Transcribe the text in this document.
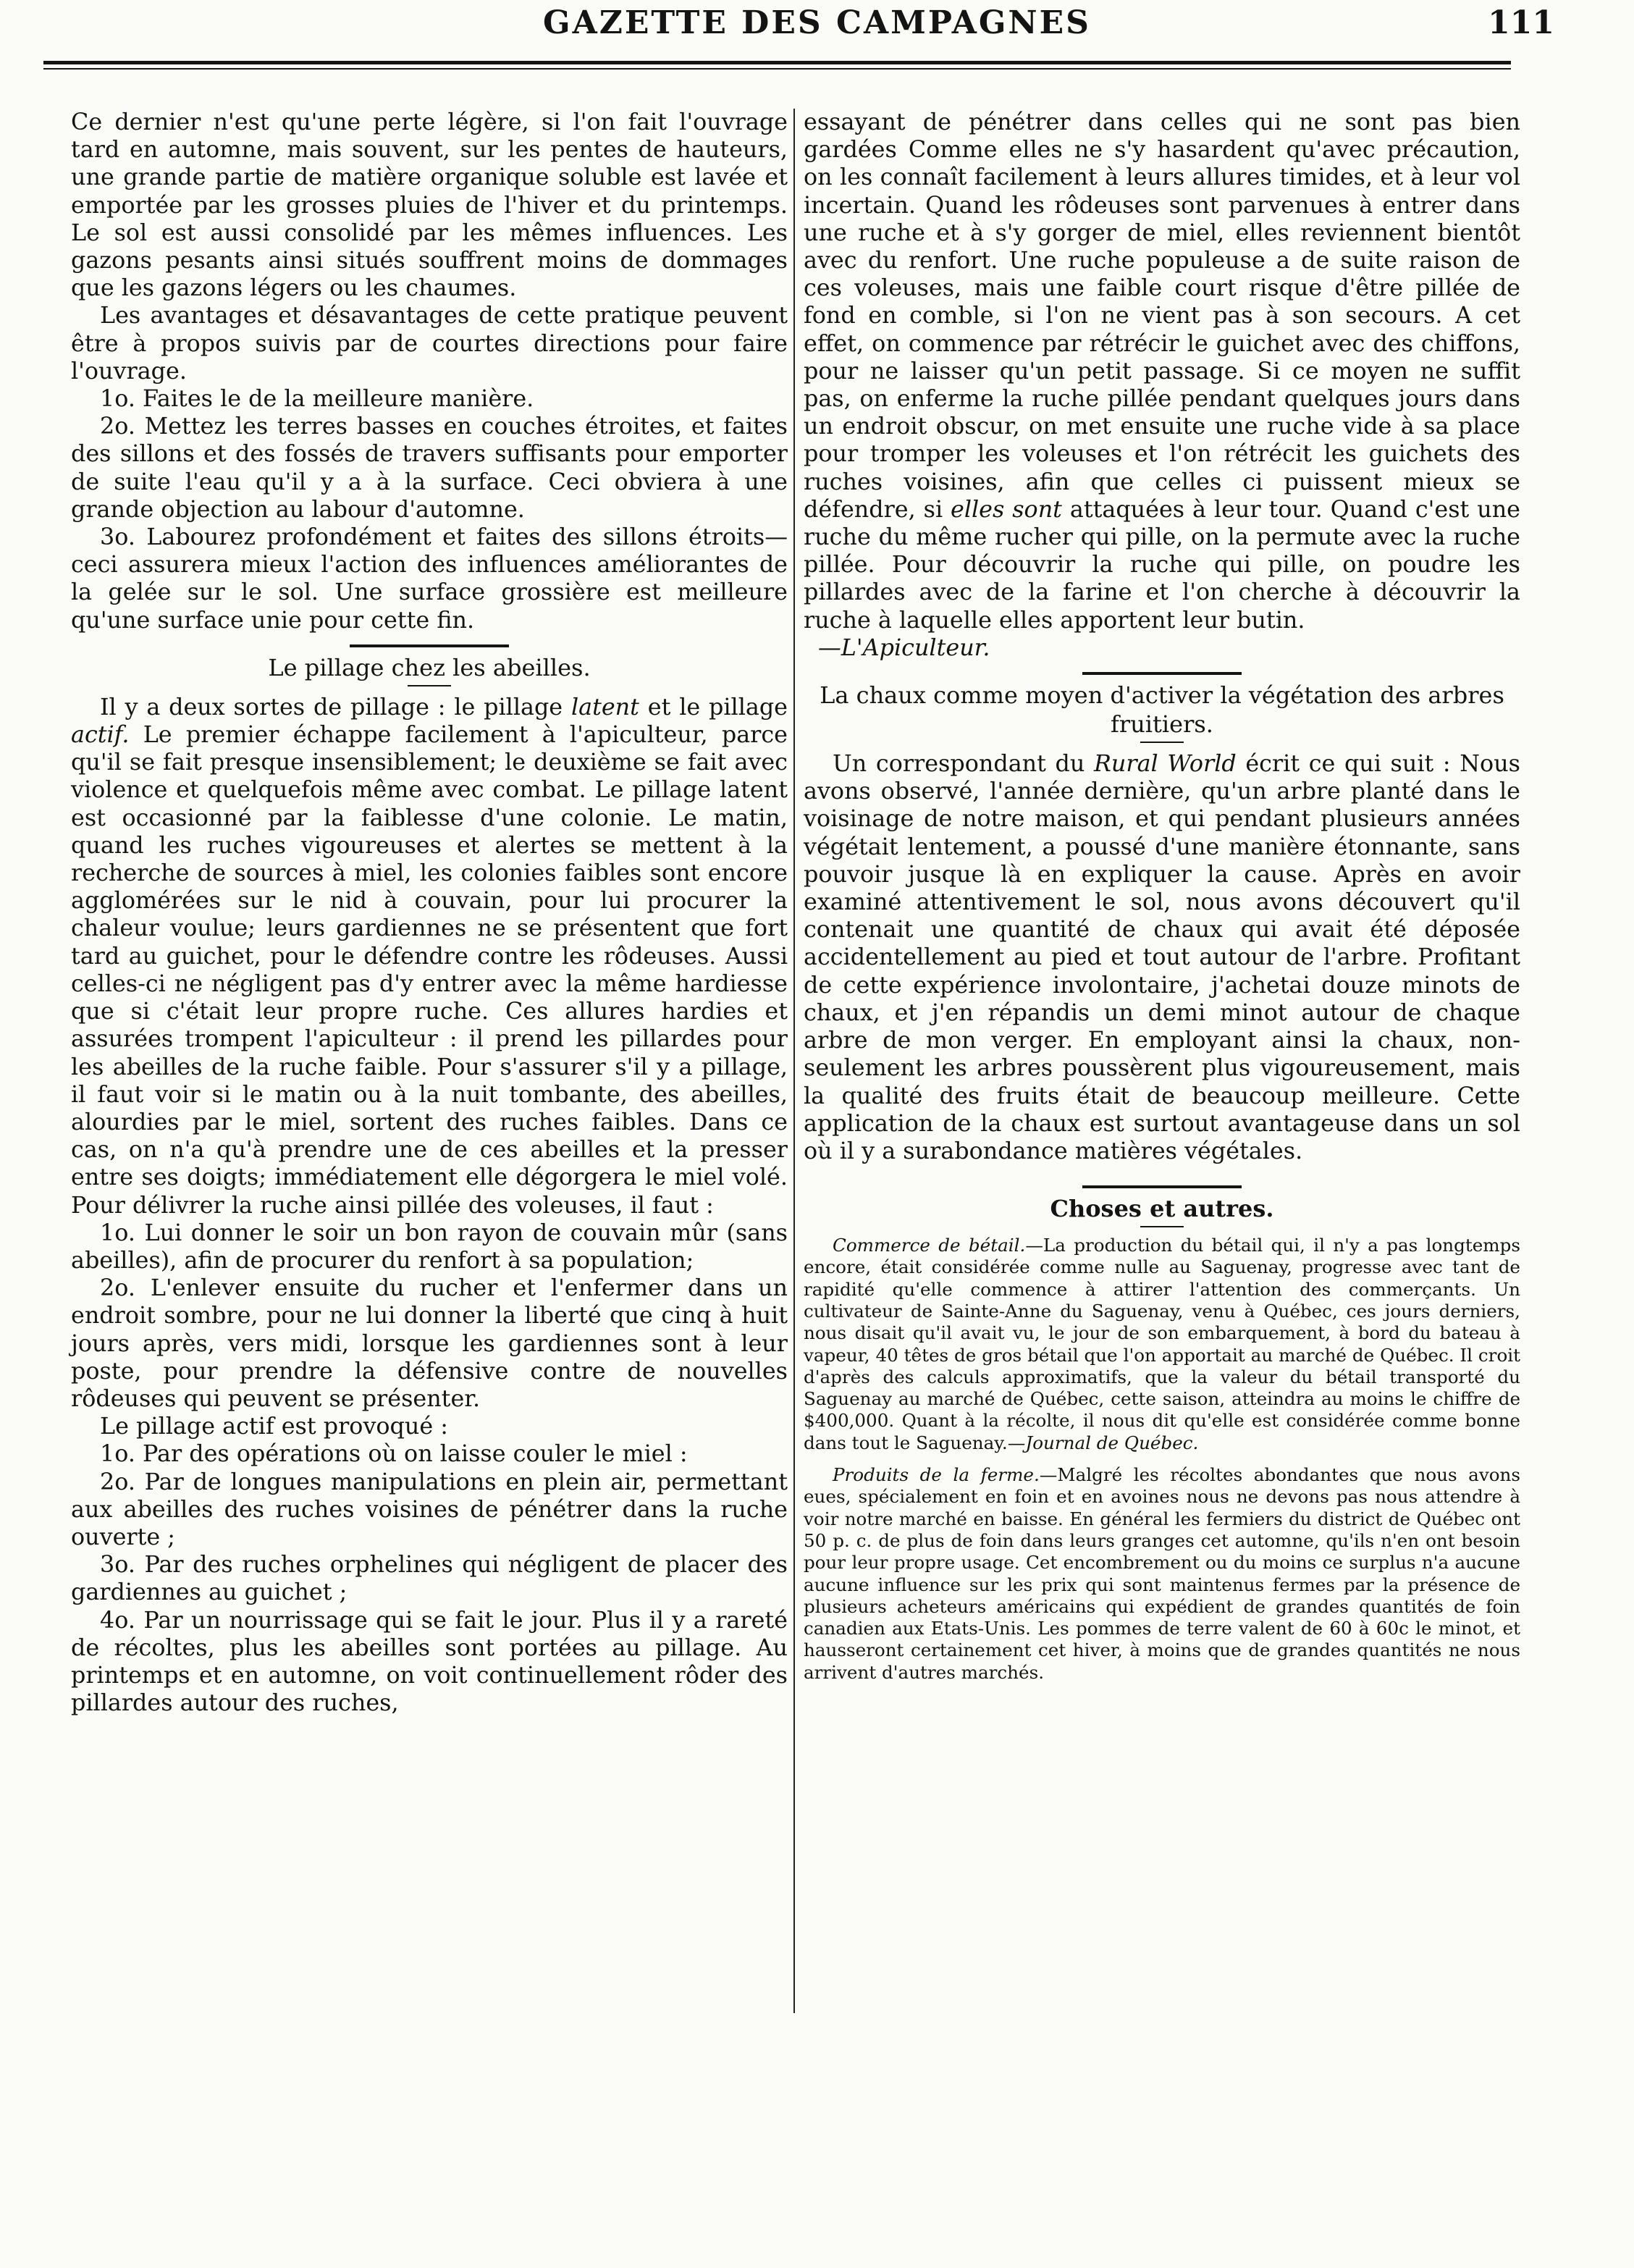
GAZETTE DES CAMPAGNES	111

Ce dernier n'est qu'une perte légère, si l'on fait l'ouvrage tard en automne, mais souvent, sur les pentes de hauteurs, une grande partie de matière organique soluble est lavée et emportée par les grosses pluies de l'hiver et du printemps. Le sol est aussi consolidé par les mêmes influences. Les gazons pesants ainsi situés souffrent moins de dommages que les gazons légers ou les chaumes.

Les avantages et désavantages de cette pratique peuvent être à propos suivis par de courtes directions pour faire l'ouvrage.

1o. Faites le de la meilleure manière.

2o. Mettez les terres basses en couches étroites, et faites des sillons et des fossés de travers suffisants pour emporter de suite l'eau qu'il y a à la surface. Ceci obviera à une grande objection au labour d'automne.

3o. Labourez profondément et faites des sillons étroits—ceci assurera mieux l'action des influences améliorantes de la gelée sur le sol. Une surface grossière est meilleure qu'une surface unie pour cette fin.

Le pillage chez les abeilles.

Il y a deux sortes de pillage : le pillage latent et le pillage actif. Le premier échappe facilement à l'apiculteur, parce qu'il se fait presque insensiblement; le deuxième se fait avec violence et quelquefois même avec combat. Le pillage latent est occasionné par la faiblesse d'une colonie. Le matin, quand les ruches vigoureuses et alertes se mettent à la recherche de sources à miel, les colonies faibles sont encore agglomérées sur le nid à couvain, pour lui procurer la chaleur voulue; leurs gardiennes ne se présentent que fort tard au guichet, pour le défendre contre les rôdeuses. Aussi celles-ci ne négligent pas d'y entrer avec la même hardiesse que si c'était leur propre ruche. Ces allures hardies et assurées trompent l'apiculteur : il prend les pillardes pour les abeilles de la ruche faible. Pour s'assurer s'il y a pillage, il faut voir si le matin ou à la nuit tombante, des abeilles, alourdies par le miel, sortent des ruches faibles. Dans ce cas, on n'a qu'à prendre une de ces abeilles et la presser entre ses doigts; immédiatement elle dégorgera le miel volé. Pour délivrer la ruche ainsi pillée des voleuses, il faut :

1o. Lui donner le soir un bon rayon de couvain mûr (sans abeilles), afin de procurer du renfort à sa population;

2o. L'enlever ensuite du rucher et l'enfermer dans un endroit sombre, pour ne lui donner la liberté que cinq à huit jours après, vers midi, lorsque les gardiennes sont à leur poste, pour prendre la défensive contre de nouvelles rôdeuses qui peuvent se présenter.

Le pillage actif est provoqué :

1o. Par des opérations où on laisse couler le miel :

2o. Par de longues manipulations en plein air, permettant aux abeilles des ruches voisines de pénétrer dans la ruche ouverte ;

3o. Par des ruches orphelines qui négligent de placer des gardiennes au guichet ;

4o. Par un nourrissage qui se fait le jour. Plus il y a rareté de récoltes, plus les abeilles sont portées au pillage. Au printemps et en automne, on voit continuellement rôder des pillardes autour des ruches,

essayant de pénétrer dans celles qui ne sont pas bien gardées Comme elles ne s'y hasardent qu'avec précaution, on les connaît facilement à leurs allures timides, et à leur vol incertain. Quand les rôdeuses sont parvenues à entrer dans une ruche et à s'y gorger de miel, elles reviennent bientôt avec du renfort. Une ruche populeuse a de suite raison de ces voleuses, mais une faible court risque d'être pillée de fond en comble, si l'on ne vient pas à son secours. A cet effet, on commence par rétrécir le guichet avec des chiffons, pour ne laisser qu'un petit passage. Si ce moyen ne suffit pas, on enferme la ruche pillée pendant quelques jours dans un endroit obscur, on met ensuite une ruche vide à sa place pour tromper les voleuses et l'on rétrécit les guichets des ruches voisines, afin que celles ci puissent mieux se défendre, si elles sont attaquées à leur tour. Quand c'est une ruche du même rucher qui pille, on la permute avec la ruche pillée. Pour découvrir la ruche qui pille, on poudre les pillardes avec de la farine et l'on cherche à découvrir la ruche à laquelle elles apportent leur butin.

—L'Apiculteur.

La chaux comme moyen d'activer la végétation des arbres fruitiers.

Un correspondant du Rural World écrit ce qui suit : Nous avons observé, l'année dernière, qu'un arbre planté dans le voisinage de notre maison, et qui pendant plusieurs années végétait lentement, a poussé d'une manière étonnante, sans pouvoir jusque là en expliquer la cause. Après en avoir examiné attentivement le sol, nous avons découvert qu'il contenait une quantité de chaux qui avait été déposée accidentellement au pied et tout autour de l'arbre. Profitant de cette expérience involontaire, j'achetai douze minots de chaux, et j'en répandis un demi minot autour de chaque arbre de mon verger. En employant ainsi la chaux, non-seulement les arbres poussèrent plus vigoureusement, mais la qualité des fruits était de beaucoup meilleure. Cette application de la chaux est surtout avantageuse dans un sol où il y a surabondance matières végétales.

Choses et autres.

Commerce de bétail.—La production du bétail qui, il n'y a pas longtemps encore, était considérée comme nulle au Saguenay, progresse avec tant de rapidité qu'elle commence à attirer l'attention des commerçants. Un cultivateur de Sainte-Anne du Saguenay, venu à Québec, ces jours derniers, nous disait qu'il avait vu, le jour de son embarquement, à bord du bateau à vapeur, 40 têtes de gros bétail que l'on apportait au marché de Québec. Il croit d'après des calculs approximatifs, que la valeur du bétail transporté du Saguenay au marché de Québec, cette saison, atteindra au moins le chiffre de $400,000. Quant à la récolte, il nous dit qu'elle est considérée comme bonne dans tout le Saguenay.—Journal de Québec.

Produits de la ferme.—Malgré les récoltes abondantes que nous avons eues, spécialement en foin et en avoines nous ne devons pas nous attendre à voir notre marché en baisse. En général les fermiers du district de Québec ont 50 p. c. de plus de foin dans leurs granges cet automne, qu'ils n'en ont besoin pour leur propre usage. Cet encombrement ou du moins ce surplus n'a aucune aucune influence sur les prix qui sont maintenus fermes par la présence de plusieurs acheteurs américains qui expédient de grandes quantités de foin canadien aux Etats-Unis. Les pommes de terre valent de 60 à 60c le minot, et hausseront certainement cet hiver, à moins que de grandes quantités ne nous arrivent d'autres marchés.
